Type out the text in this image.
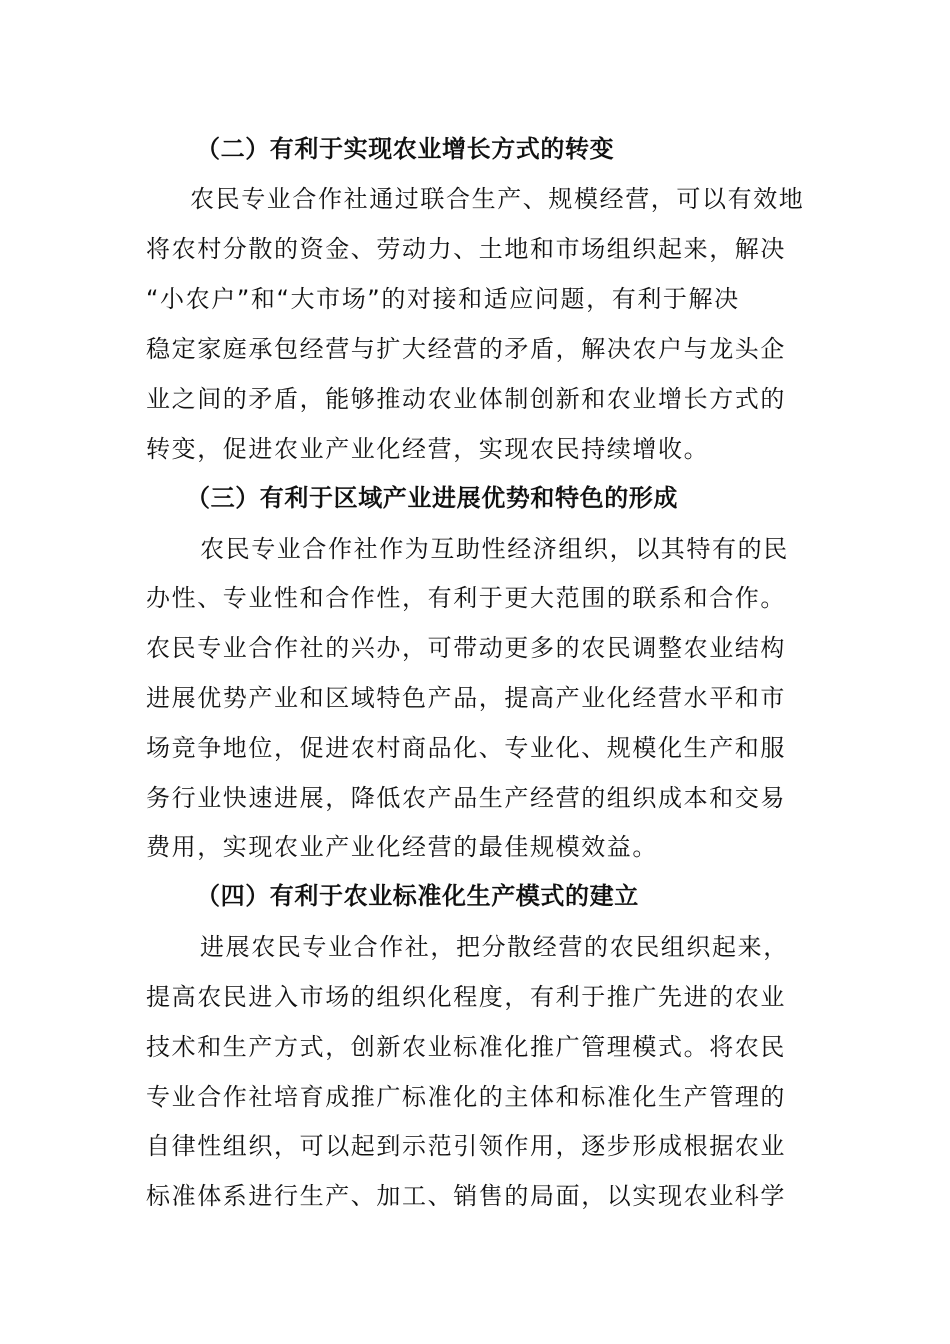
（二）有利于实现农业增长方式的转变
农民专业合作社通过联合生产、规模经营，可以有效地
将农村分散的资金、劳动力、土地和市场组织起来，解决
“小农户”和“大市场”的对接和适应问题，有利于解决
稳定家庭承包经营与扩大经营的矛盾，解决农户与龙头企
业之间的矛盾，能够推动农业体制创新和农业增长方式的
转变，促进农业产业化经营，实现农民持续增收。
（三）有利于区域产业进展优势和特色的形成
农民专业合作社作为互助性经济组织，以其特有的民
办性、专业性和合作性，有利于更大范围的联系和合作。
农民专业合作社的兴办，可带动更多的农民调整农业结构
进展优势产业和区域特色产品，提高产业化经营水平和市
场竞争地位，促进农村商品化、专业化、规模化生产和服
务行业快速进展，降低农产品生产经营的组织成本和交易
费用，实现农业产业化经营的最佳规模效益。
（四）有利于农业标准化生产模式的建立
进展农民专业合作社，把分散经营的农民组织起来，
提高农民进入市场的组织化程度，有利于推广先进的农业
技术和生产方式，创新农业标准化推广管理模式。将农民
专业合作社培育成推广标准化的主体和标准化生产管理的
自律性组织，可以起到示范引领作用，逐步形成根据农业
标准体系进行生产、加工、销售的局面，以实现农业科学
